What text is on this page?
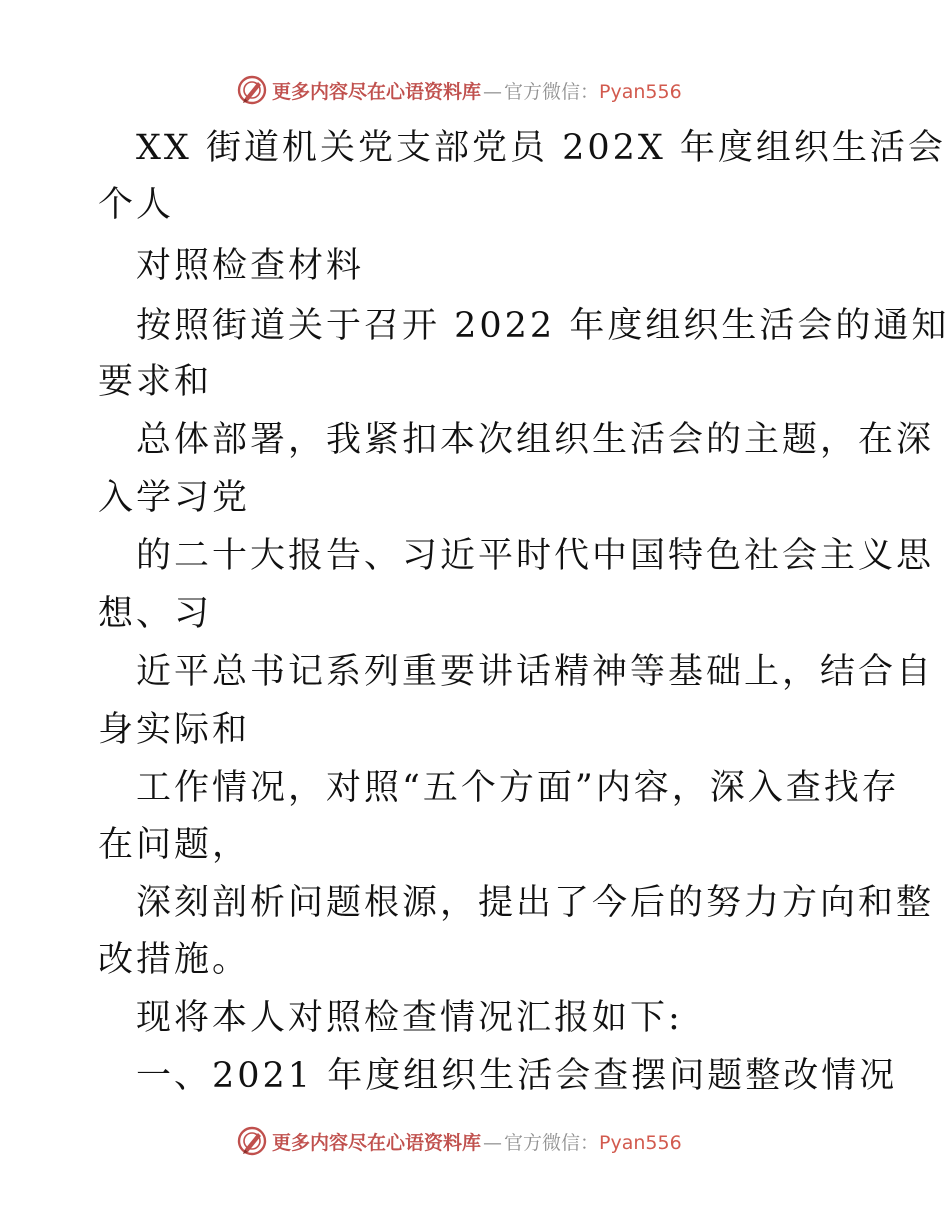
更多内容尽在心语资料库 — 官方微信：Pyan556
XX 街道机关党支部党员 202X 年度组织生活会
个人
对照检查材料
按照街道关于召开 2022 年度组织生活会的通知
要求和
总体部署，我紧扣本次组织生活会的主题，在深
入学习党
的二十大报告、习近平时代中国特色社会主义思
想、习
近平总书记系列重要讲话精神等基础上，结合自
身实际和
工作情况，对照“五个方面”内容，深入查找存
在问题，
深刻剖析问题根源，提出了今后的努力方向和整
改措施。
现将本人对照检查情况汇报如下:
一、2021 年度组织生活会查摆问题整改情况
更多内容尽在心语资料库 — 官方微信：Pyan556
